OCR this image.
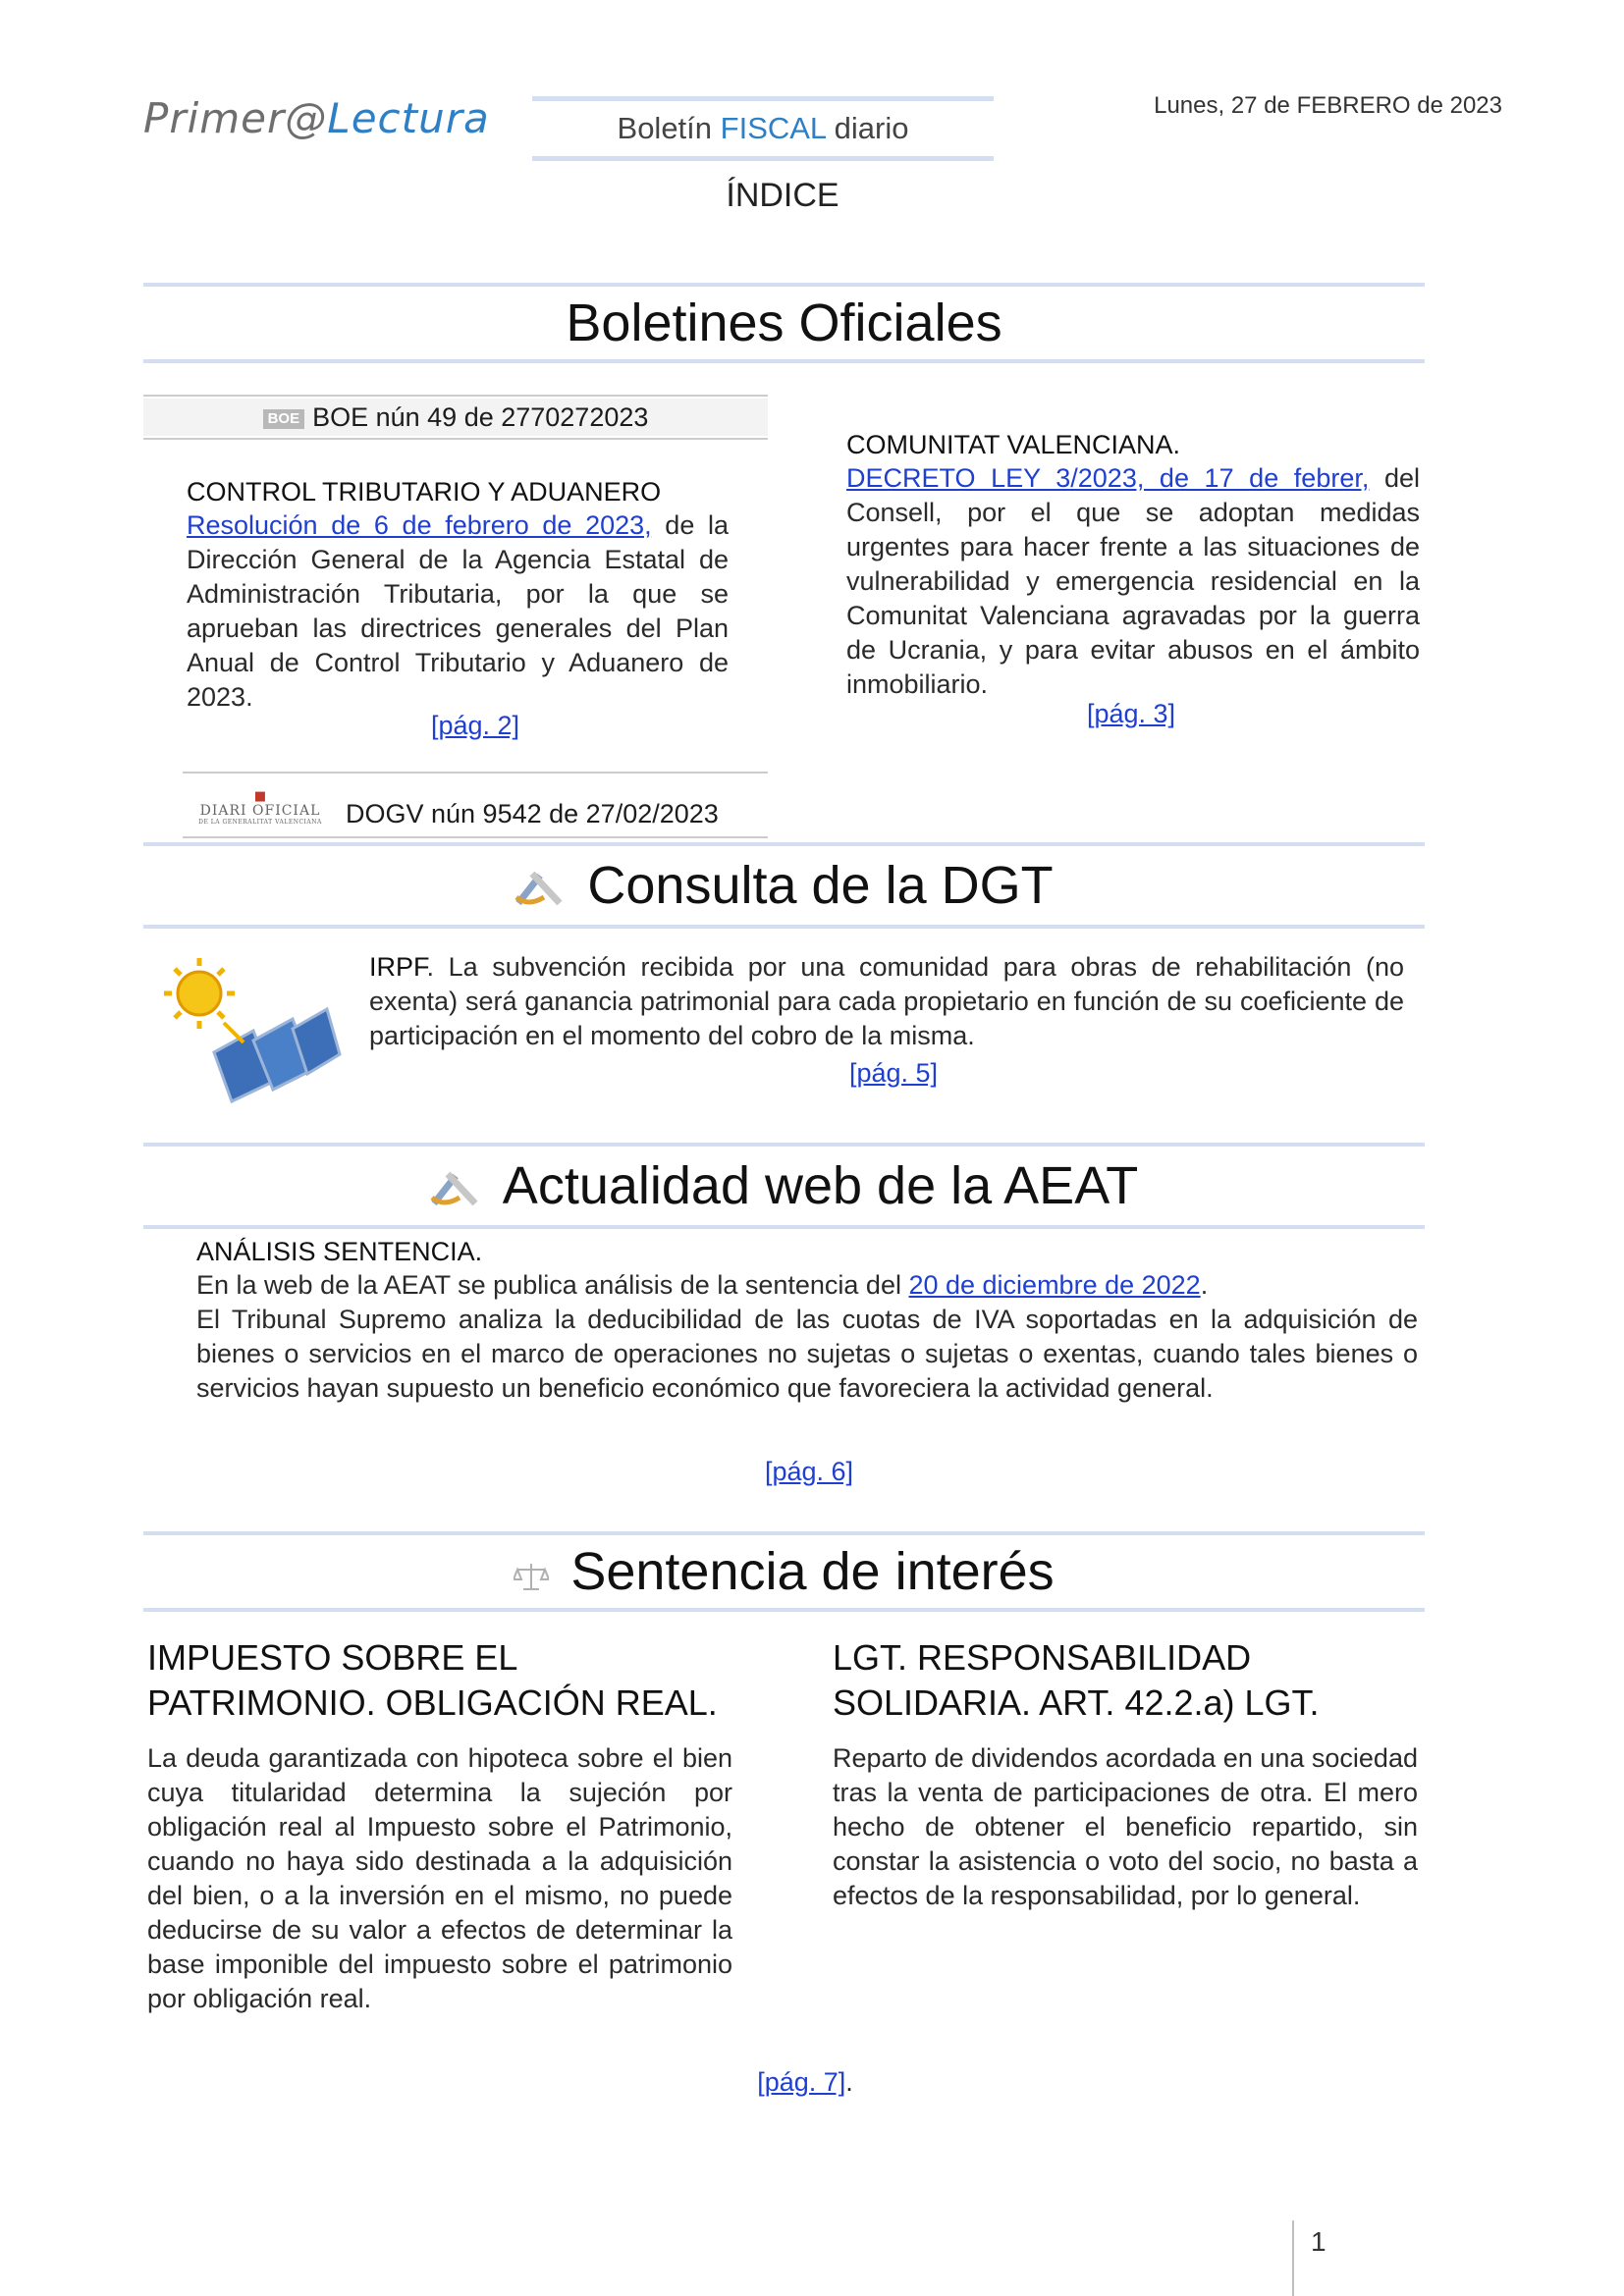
Primer@Lectura	Boletín FISCAL diario
Lunes, 27 de FEBRERO de 2023
ÍNDICE
Boletines Oficiales
BOE BOE nún 49 de 2770272023
CONTROL TRIBUTARIO Y ADUANERO
Resolución de 6 de febrero de 2023, de la Dirección General de la Agencia Estatal de Administración Tributaria, por la que se aprueban las directrices generales del Plan Anual de Control Tributario y Aduanero de 2023.
[pág. 2]
COMUNITAT VALENCIANA.
DECRETO LEY 3/2023, de 17 de febrer, del Consell, por el que se adoptan medidas urgentes para hacer frente a las situaciones de vulnerabilidad y emergencia residencial en la Comunitat Valenciana agravadas por la guerra de Ucrania, y para evitar abusos en el ámbito inmobiliario.
[pág. 3]
■
DIARI OFICIAL
DE LA GENERALITAT VALENCIANA DOGV nún 9542 de 27/02/2023
Consulta de la DGT
IRPF. La subvención recibida por una comunidad para obras de rehabilitación (no exenta) será ganancia patrimonial para cada propietario en función de su coeficiente de participación en el momento del cobro de la misma.
[pág. 5]
Actualidad web de la AEAT
ANÁLISIS SENTENCIA.
En la web de la AEAT se publica análisis de la sentencia del 20 de diciembre de 2022.
El Tribunal Supremo analiza la deducibilidad de las cuotas de IVA soportadas en la adquisición de bienes o servicios en el marco de operaciones no sujetas o sujetas o exentas, cuando tales bienes o servicios hayan supuesto un beneficio económico que favoreciera la actividad general.
[pág. 6]
Sentencia de interés
IMPUESTO SOBRE EL
PATRIMONIO. OBLIGACIÓN REAL.
La deuda garantizada con hipoteca sobre el bien cuya titularidad determina la sujeción por obligación real al Impuesto sobre el Patrimonio, cuando no haya sido destinada a la adquisición del bien, o a la inversión en el mismo, no puede deducirse de su valor a efectos de determinar la base imponible del impuesto sobre el patrimonio por obligación real.
LGT. RESPONSABILIDAD
SOLIDARIA. ART. 42.2.a) LGT.
Reparto de dividendos acordada en una sociedad tras la venta de participaciones de otra. El mero hecho de obtener el beneficio repartido, sin constar la asistencia o voto del socio, no basta a efectos de la responsabilidad, por lo general.
[pág. 7].
1
